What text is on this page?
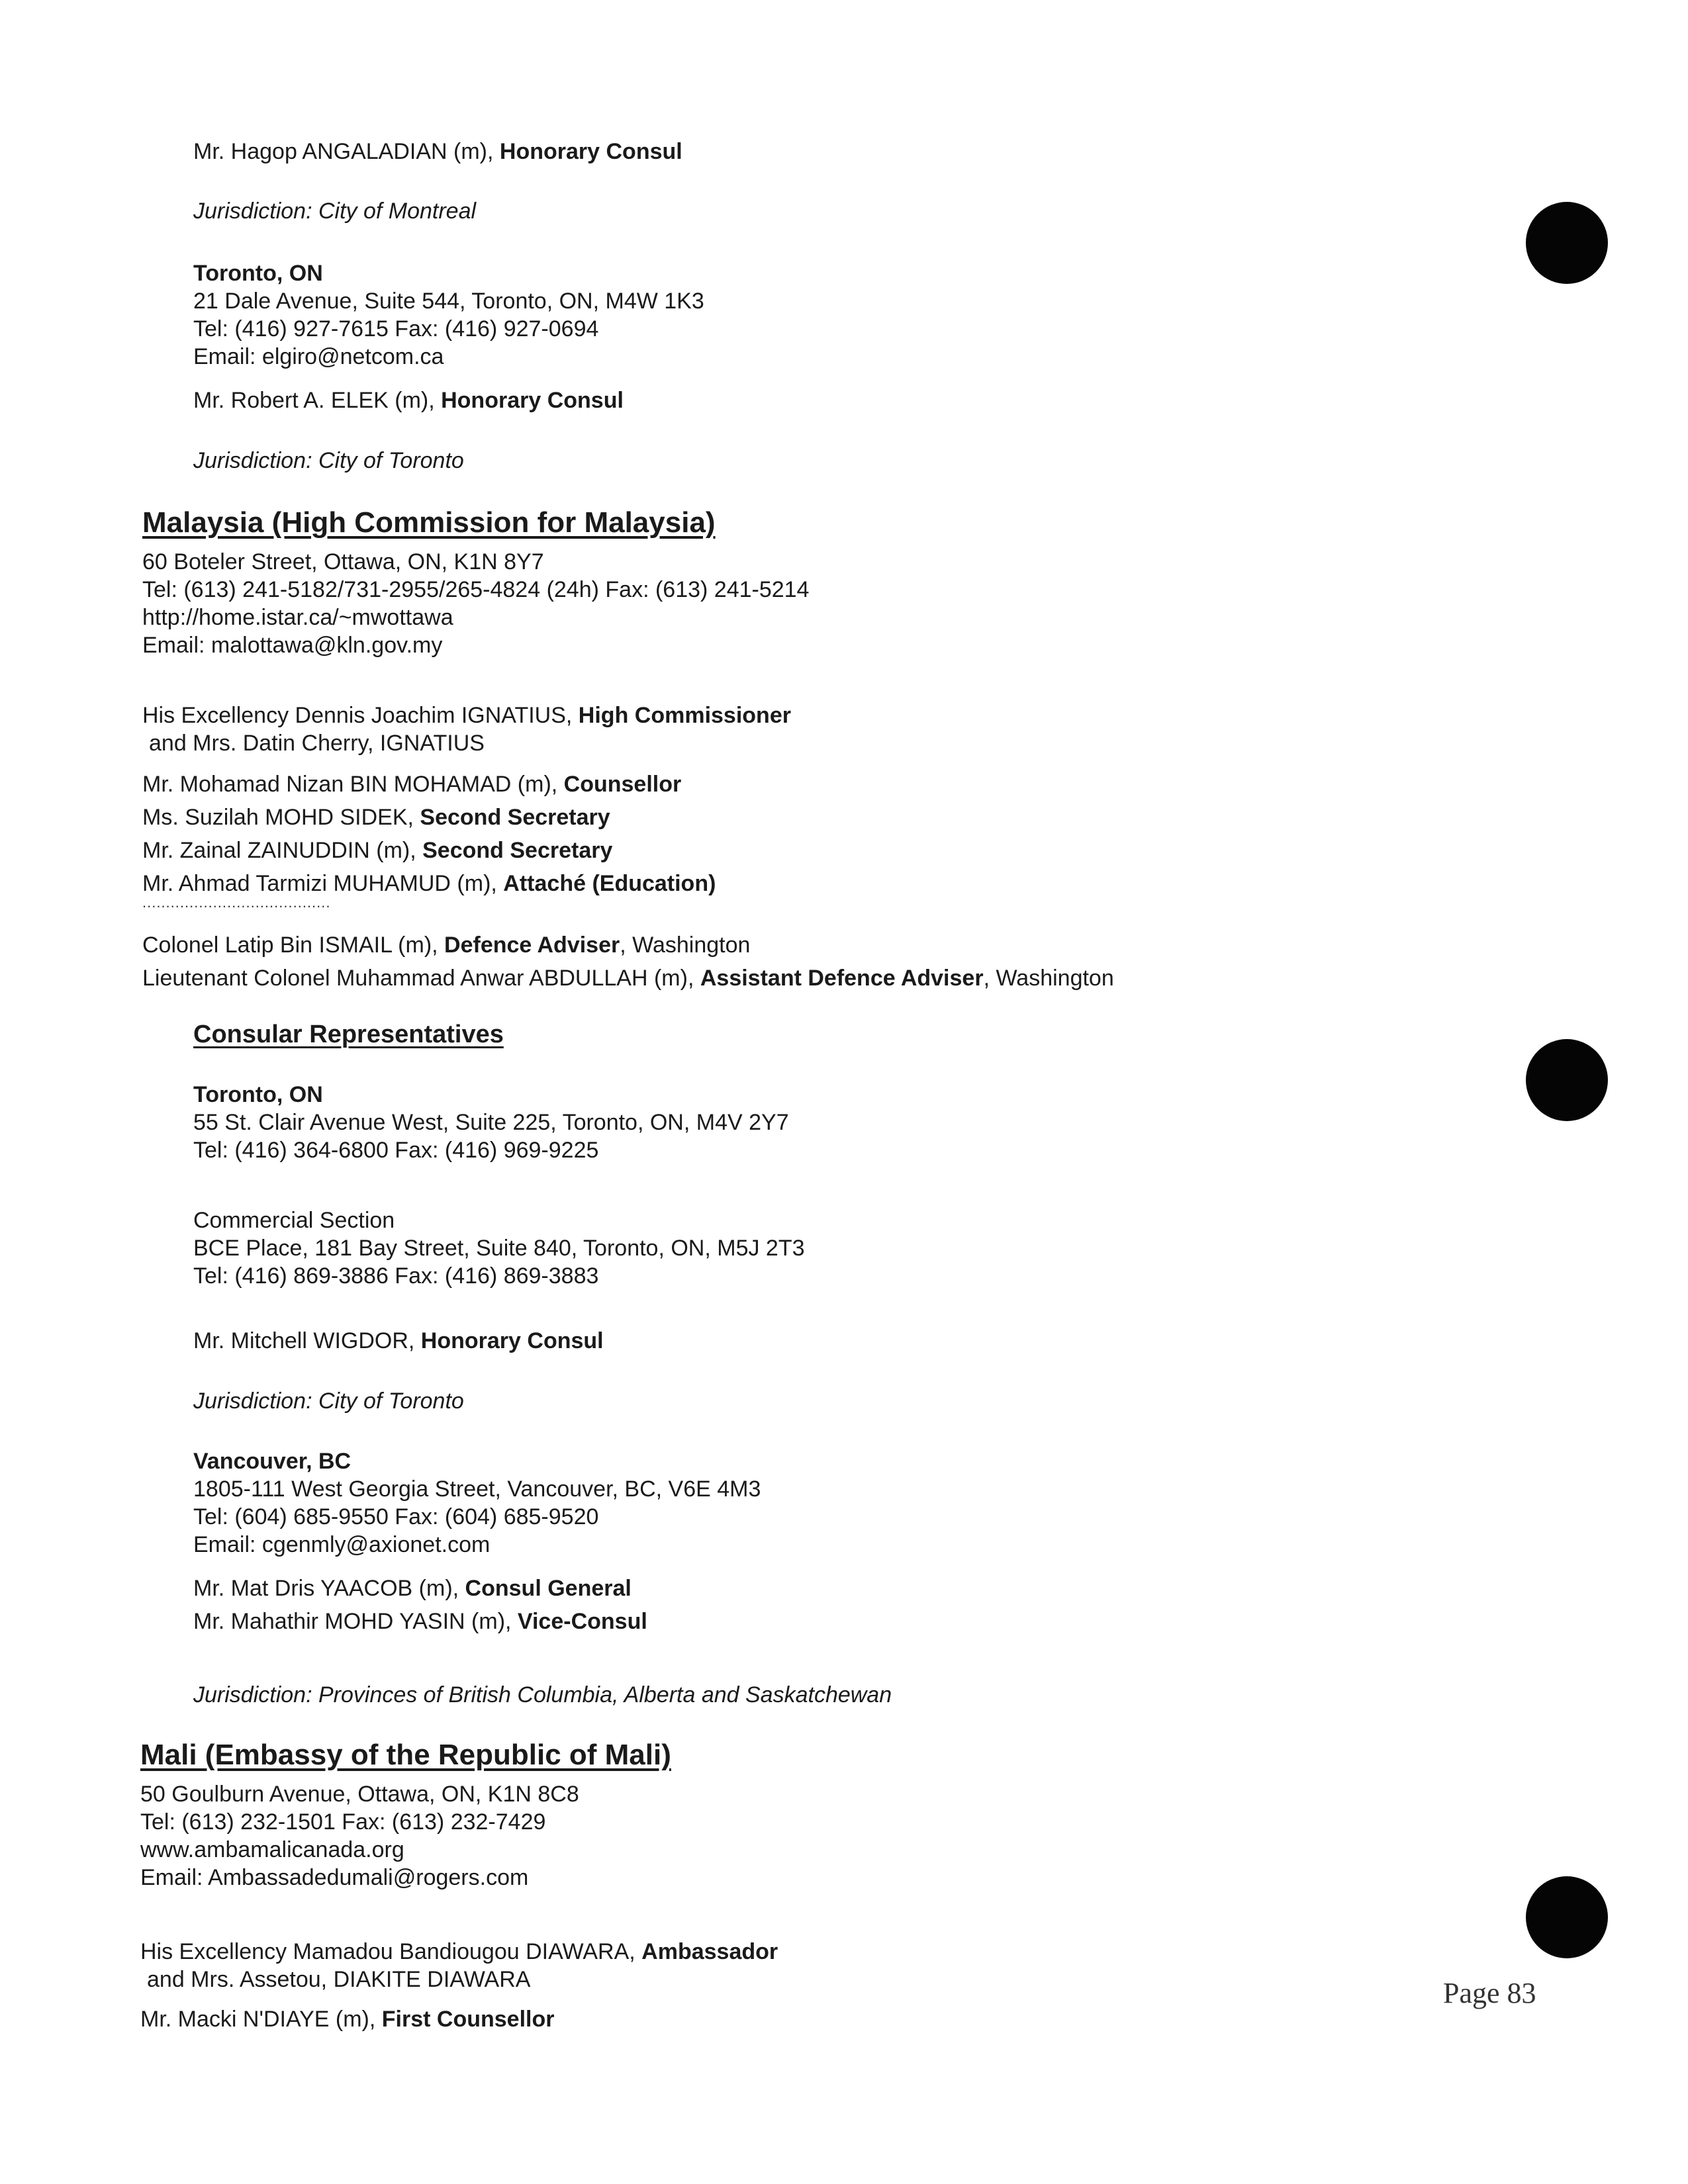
Mr. Hagop ANGALADIAN (m), Honorary Consul
Jurisdiction: City of Montreal
Toronto, ON
21 Dale Avenue, Suite 544, Toronto, ON, M4W 1K3
Tel: (416) 927-7615 Fax: (416) 927-0694
Email: elgiro@netcom.ca
Mr. Robert A. ELEK (m), Honorary Consul
Jurisdiction: City of Toronto
Malaysia (High Commission for Malaysia)
60 Boteler Street, Ottawa, ON, K1N 8Y7
Tel: (613) 241-5182/731-2955/265-4824 (24h) Fax: (613) 241-5214
http://home.istar.ca/~mwottawa
Email: malottawa@kln.gov.my
His Excellency Dennis Joachim IGNATIUS, High Commissioner
and Mrs. Datin Cherry, IGNATIUS
Mr. Mohamad Nizan BIN MOHAMAD (m), Counsellor
Ms. Suzilah MOHD SIDEK, Second Secretary
Mr. Zainal ZAINUDDIN (m), Second Secretary
Mr. Ahmad Tarmizi MUHAMUD (m), Attaché (Education)
........................................
Colonel Latip Bin ISMAIL (m), Defence Adviser, Washington
Lieutenant Colonel Muhammad Anwar ABDULLAH (m), Assistant Defence Adviser, Washington
Consular Representatives
Toronto, ON
55 St. Clair Avenue West, Suite 225, Toronto, ON, M4V 2Y7
Tel: (416) 364-6800 Fax: (416) 969-9225
Commercial Section
BCE Place, 181 Bay Street, Suite 840, Toronto, ON, M5J 2T3
Tel: (416) 869-3886 Fax: (416) 869-3883
Mr. Mitchell WIGDOR, Honorary Consul
Jurisdiction: City of Toronto
Vancouver, BC
1805-111 West Georgia Street, Vancouver, BC, V6E 4M3
Tel: (604) 685-9550 Fax: (604) 685-9520
Email: cgenmly@axionet.com
Mr. Mat Dris YAACOB (m), Consul General
Mr. Mahathir MOHD YASIN (m), Vice-Consul
Jurisdiction: Provinces of British Columbia, Alberta and Saskatchewan
Mali (Embassy of the Republic of Mali)
50 Goulburn Avenue, Ottawa, ON, K1N 8C8
Tel: (613) 232-1501 Fax: (613) 232-7429
www.ambamalicanada.org
Email: Ambassadedumali@rogers.com
His Excellency Mamadou Bandiougou DIAWARA, Ambassador
and Mrs. Assetou, DIAKITE DIAWARA
Mr. Macki N'DIAYE (m), First Counsellor
Page 83
